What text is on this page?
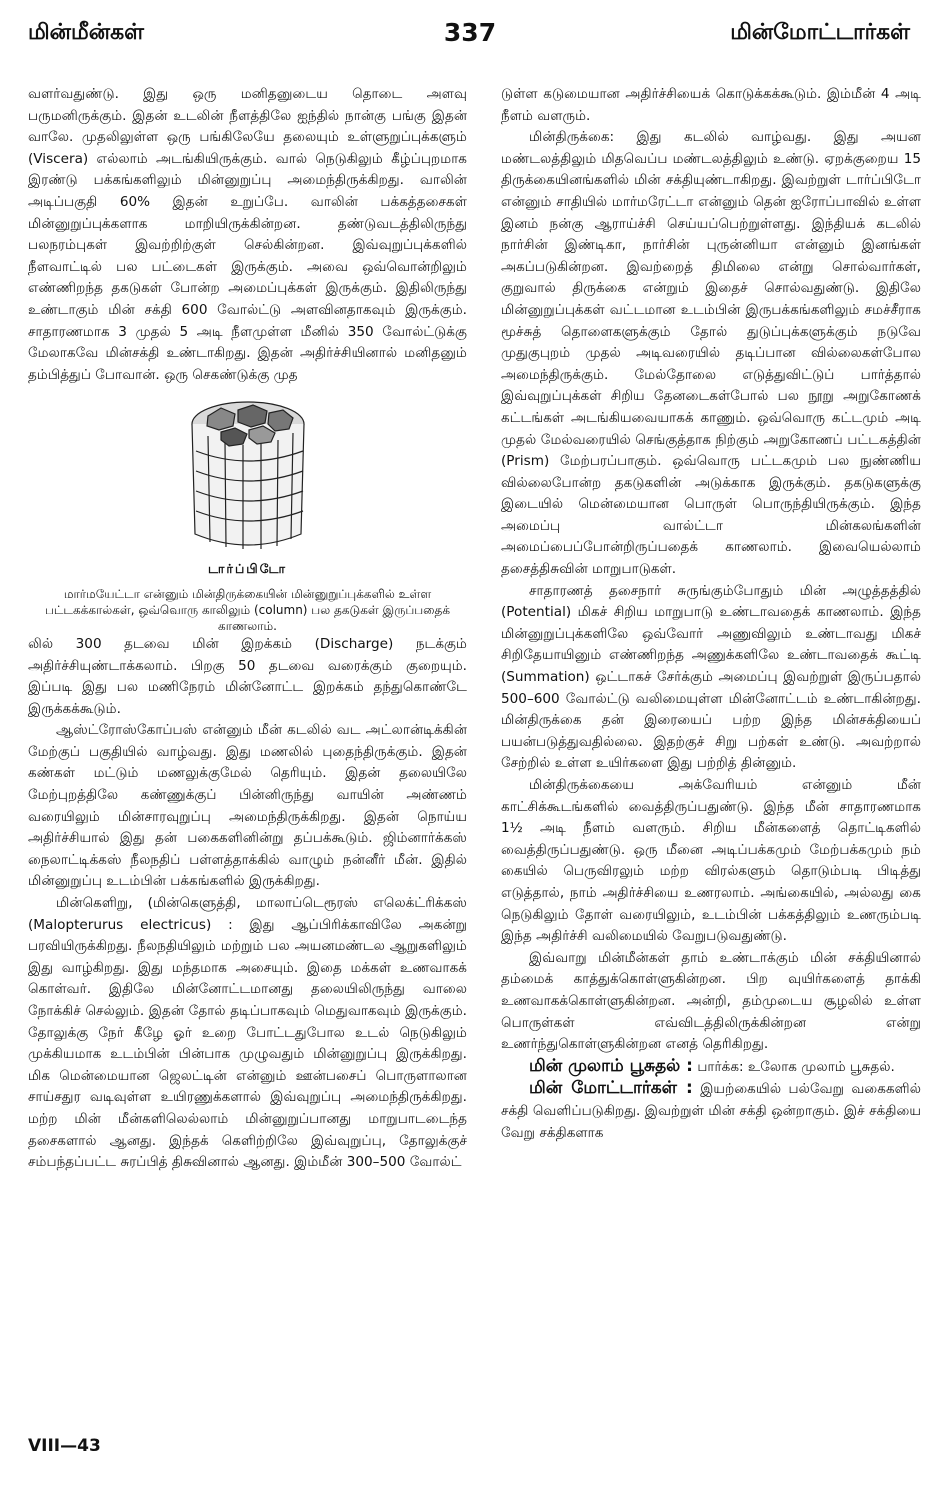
மின்மீன்கள்	337	மின்மோட்டார்கள்

வளர்வதுண்டு. இது ஒரு மனிதனுடைய தொடை அளவு பருமனிருக்கும். இதன் உடலின் நீளத்திலே ஐந்தில் நான்கு பங்கு இதன் வாலே. முதலிலுள்ள ஒரு பங்கிலேயே தலையும் உள்ளுறுப்புக்களும் (Viscera) எல்லாம் அடங்கியிருக்கும். வால் நெடுகிலும் கீழ்ப்புறமாக இரண்டு பக்கங்களிலும் மின்னுறுப்பு அமைந்திருக்கிறது. வாலின் அடிப்பகுதி 60% இதன் உறுப்பே. வாலின் பக்கத்தசைகள் மின்னுறுப்புக்களாக மாறியிருக்கின்றன. தண்டுவடத்திலிருந்து பலநரம்புகள் இவற்றிற்குள் செல்கின்றன. இவ்வுறுப்புக்களில் நீளவாட்டில் பல பட்டைகள் இருக்கும். அவை ஒவ்வொன்றிலும் எண்ணிறந்த தகடுகள் போன்ற அமைப்புக்கள் இருக்கும். இதிலிருந்து உண்டாகும் மின் சக்தி 600 வோல்ட்டு அளவினதாகவும் இருக்கும். சாதாரணமாக 3 முதல் 5 அடி நீளமுள்ள மீனில் 350 வோல்ட்டுக்கு மேலாகவே மின்சக்தி உண்டாகிறது. இதன் அதிர்ச்சியினால் மனிதனும் தம்பித்துப் போவான். ஒரு செகண்டுக்கு முத

டார்ப்பிடோ

மார்மயேட்டா என்னும் மின்திருக்கையின் மின்னுறுப்புக்களில் உள்ள பட்டகக்கால்கள், ஒவ்வொரு காலிலும் (column) பல தகடுகள் இருப்பதைக் காணலாம்.

லில் 300 தடவை மின் இறக்கம் (Discharge) நடக்கும் அதிர்ச்சியுண்டாக்கலாம். பிறகு 50 தடவை வரைக்கும் குறையும். இப்படி இது பல மணிநேரம் மின்னோட்ட இறக்கம் தந்துகொண்டே இருக்கக்கூடும்.

ஆஸ்ட்ரோஸ்கோப்பஸ் என்னும் மீன் கடலில் வட அட்லான்டிக்கின் மேற்குப் பகுதியில் வாழ்வது. இது மணலில் புதைந்திருக்கும். இதன் கண்கள் மட்டும் மணலுக்குமேல் தெரியும். இதன் தலையிலே மேற்புறத்திலே கண்ணுக்குப் பின்னிருந்து வாயின் அண்ணம் வரையிலும் மின்சாரவுறுப்பு அமைந்திருக்கிறது. இதன் நொய்ய அதிர்ச்சியால் இது தன் பகைகளினின்று தப்பக்கூடும். ஜிம்னார்க்கஸ் நைலாட்டிக்கஸ் நீலநதிப் பள்ளத்தாக்கில் வாழும் நன்னீர் மீன். இதில் மின்னுறுப்பு உடம்பின் பக்கங்களில் இருக்கிறது.

மின்கெளிறு, (மின்கெளுத்தி, மாலாப்டெரூரஸ் எலெக்ட்ரிக்கஸ் (Malopterurus electricus) : இது ஆப்பிரிக்காவிலே அகன்று பரவியிருக்கிறது. நீலநதியிலும் மற்றும் பல அயனமண்டல ஆறுகளிலும் இது வாழ்கிறது. இது மந்தமாக அசையும். இதை மக்கள் உணவாகக் கொள்வர். இதிலே மின்னோட்டமானது தலையிலிருந்து வாலை நோக்கிச் செல்லும். இதன் தோல் தடிப்பாகவும் மெதுவாகவும் இருக்கும். தோலுக்கு நேர் கீழே ஓர் உறை போட்டதுபோல உடல் நெடுகிலும் முக்கியமாக உடம்பின் பின்பாக முழுவதும் மின்னுறுப்பு இருக்கிறது. மிக மென்மையான ஜெலட்டின் என்னும் ஊன்பசைப் பொருளாலான சாய்சதுர வடிவுள்ள உயிரணுக்களால் இவ்வுறுப்பு அமைந்திருக்கிறது. மற்ற மின் மீன்களிலெல்லாம் மின்னுறுப்பானது மாறுபாடடைந்த தசைகளால் ஆனது. இந்தக் கெளிற்றிலே இவ்வுறுப்பு, தோலுக்குச் சம்பந்தப்பட்ட சுரப்பித் திசுவினால் ஆனது. இம்மீன் 300–500 வோல்ட்

டுள்ள கடுமையான அதிர்ச்சியைக் கொடுக்கக்கூடும். இம்மீன் 4 அடி நீளம் வளரும்.

மின்திருக்கை: இது கடலில் வாழ்வது. இது அயன மண்டலத்திலும் மிதவெப்ப மண்டலத்திலும் உண்டு. ஏறக்குறைய 15 திருக்கையினங்களில் மின் சக்தியுண்டாகிறது. இவற்றுள் டார்ப்பிடோ என்னும் சாதியில் மார்மரேட்டா என்னும் தென் ஐரோப்பாவில் உள்ள இனம் நன்கு ஆராய்ச்சி செய்யப்பெற்றுள்ளது. இந்தியக் கடலில் நார்சின் இண்டிகா, நார்சின் புருன்னியா என்னும் இனங்கள் அகப்படுகின்றன. இவற்றைத் திமிலை என்று சொல்வார்கள், குறுவால் திருக்கை என்றும் இதைச் சொல்வதுண்டு. இதிலே மின்னுறுப்புக்கள் வட்டமான உடம்பின் இருபக்கங்களிலும் சமச்சீராக மூச்சுத் தொளைகளுக்கும் தோல் துடுப்புக்களுக்கும் நடுவே முதுகுபுறம் முதல் அடிவரையில் தடிப்பான வில்லைகள்போல அமைந்திருக்கும். மேல்தோலை எடுத்துவிட்டுப் பார்த்தால் இவ்வுறுப்புக்கள் சிறிய தேனடைகள்போல் பல நூறு அறுகோணக் கட்டங்கள் அடங்கியவையாகக் காணும். ஒவ்வொரு கட்டமும் அடி முதல் மேல்வரையில் செங்குத்தாக நிற்கும் அறுகோணப் பட்டகத்தின் (Prism) மேற்பரப்பாகும். ஒவ்வொரு பட்டகமும் பல நுண்ணிய வில்லைபோன்ற தகடுகளின் அடுக்காக இருக்கும். தகடுகளுக்கு இடையில் மென்மையான பொருள் பொருந்தியிருக்கும். இந்த அமைப்பு வால்ட்டா மின்கலங்களின் அமைப்பைப்போன்றிருப்பதைக் காணலாம். இவையெல்லாம் தசைத்திசுவின் மாறுபாடுகள்.

சாதாரணத் தசைநார் சுருங்கும்போதும் மின் அழுத்தத்தில் (Potential) மிகச் சிறிய மாறுபாடு உண்டாவதைக் காணலாம். இந்த மின்னுறுப்புக்களிலே ஒவ்வோர் அணுவிலும் உண்டாவது மிகச் சிறிதேயாயினும் எண்ணிறந்த அணுக்களிலே உண்டாவதைக் கூட்டி (Summation) ஒட்டாகச் சேர்க்கும் அமைப்பு இவற்றுள் இருப்பதால் 500–600 வோல்ட்டு வலிமையுள்ள மின்னோட்டம் உண்டாகின்றது. மின்திருக்கை தன் இரையைப் பற்ற இந்த மின்சக்தியைப் பயன்படுத்துவதில்லை. இதற்குச் சிறு பற்கள் உண்டு. அவற்றால் சேற்றில் உள்ள உயிர்களை இது பற்றித் தின்னும்.

மின்திருக்கையை அக்வேரியம் என்னும் மீன் காட்சிக்கூடங்களில் வைத்திருப்பதுண்டு. இந்த மீன் சாதாரணமாக 1½ அடி நீளம் வளரும். சிறிய மீன்களைத் தொட்டிகளில் வைத்திருப்பதுண்டு. ஒரு மீனை அடிப்பக்கமும் மேற்பக்கமும் நம் கையில் பெருவிரலும் மற்ற விரல்களும் தொடும்படி பிடித்து எடுத்தால், நாம் அதிர்ச்சியை உணரலாம். அங்கையில், அல்லது கை நெடுகிலும் தோள் வரையிலும், உடம்பின் பக்கத்திலும் உணரும்படி இந்த அதிர்ச்சி வலிமையில் வேறுபடுவதுண்டு.

இவ்வாறு மின்மீன்கள் தாம் உண்டாக்கும் மின் சக்தியினால் தம்மைக் காத்துக்கொள்ளுகின்றன. பிற வுயிர்களைத் தாக்கி உணவாகக்கொள்ளுகின்றன. அன்றி, தம்முடைய சூழலில் உள்ள பொருள்கள் எவ்விடத்திலிருக்கின்றன என்று உணர்ந்துகொள்ளுகின்றன எனத் தெரிகிறது.

மின் முலாம் பூசுதல் : பார்க்க: உலோக முலாம் பூசுதல்.

மின் மோட்டார்கள் : இயற்கையில் பல்வேறு வகைகளில் சக்தி வெளிப்படுகிறது. இவற்றுள் மின் சக்தி ஒன்றாகும். இச் சக்தியை வேறு சக்திகளாக

VIII—43
